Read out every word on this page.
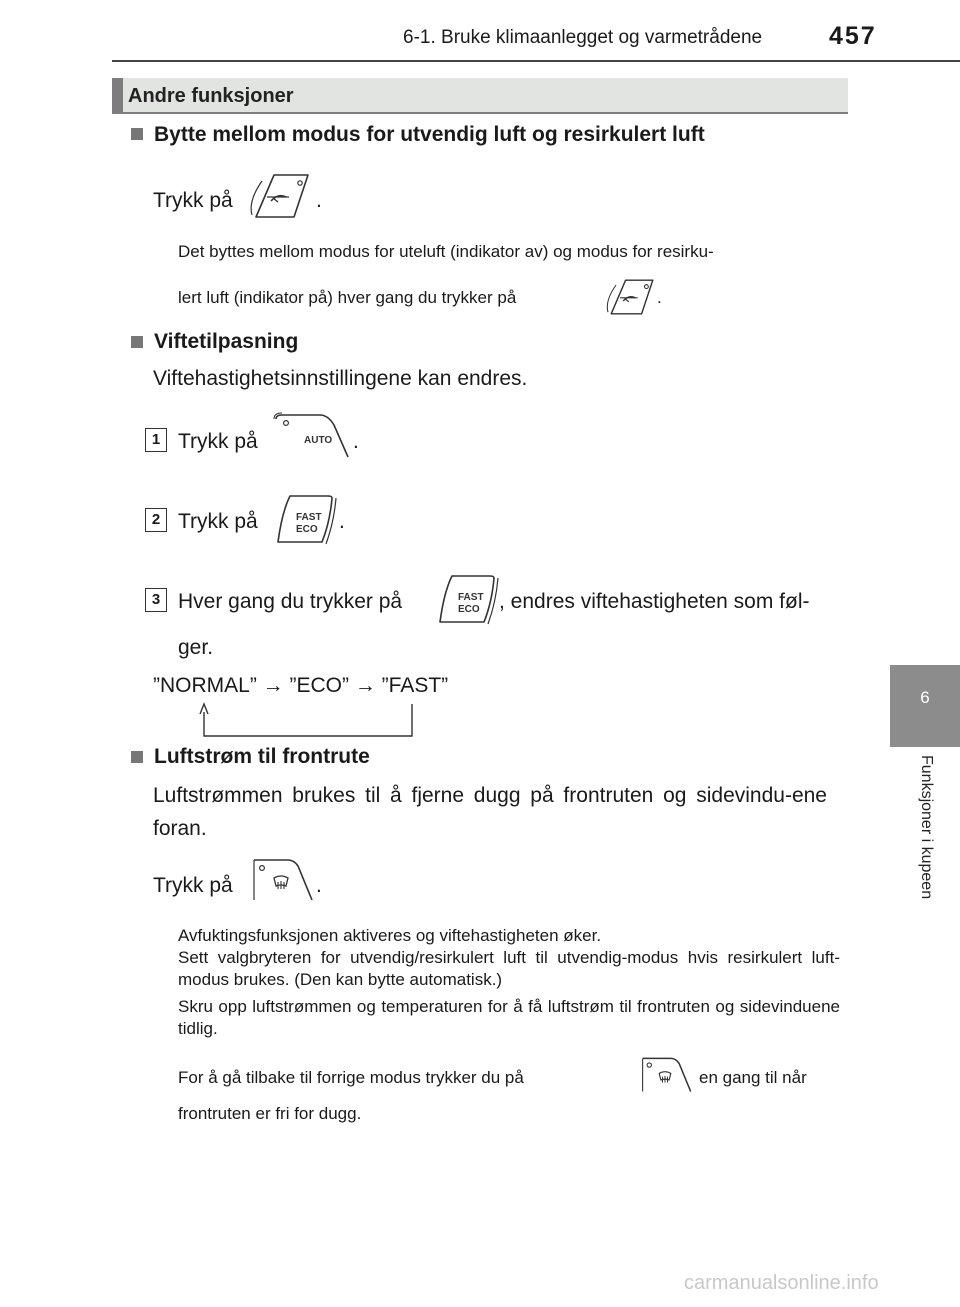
6-1. Bruke klimaanlegget og varmetrådene	457
6
Funksjoner i kupeen
Andre funksjoner
Bytte mellom modus for utvendig luft og resirkulert luft
Trykk på	.
Det byttes mellom modus for uteluft (indikator av) og modus for resirku-
lert luft (indikator på) hver gang du trykker på	.
Viftetilpasning
Viftehastighetsinnstillingene kan endres.
1 Trykk på	AUTO .
2 Trykk på	FAST
ECO .
3 Hver gang du trykker på	FAST
ECO , endres viftehastigheten som føl-
ger.
”NORMAL” → ”ECO” → ”FAST”
Luftstrøm til frontrute
Luftstrømmen brukes til å fjerne dugg på frontruten og sidevindu-ene foran.
Trykk på	.
Avfuktingsfunksjonen aktiveres og viftehastigheten øker.
Sett valgbryteren for utvendig/resirkulert luft til utvendig-modus hvis resirkulert luft-modus brukes. (Den kan bytte automatisk.)
Skru opp luftstrømmen og temperaturen for å få luftstrøm til frontruten og sidevinduene tidlig.
For å gå tilbake til forrige modus trykker du på	en gang til når
frontruten er fri for dugg.
carmanualsonline.info
